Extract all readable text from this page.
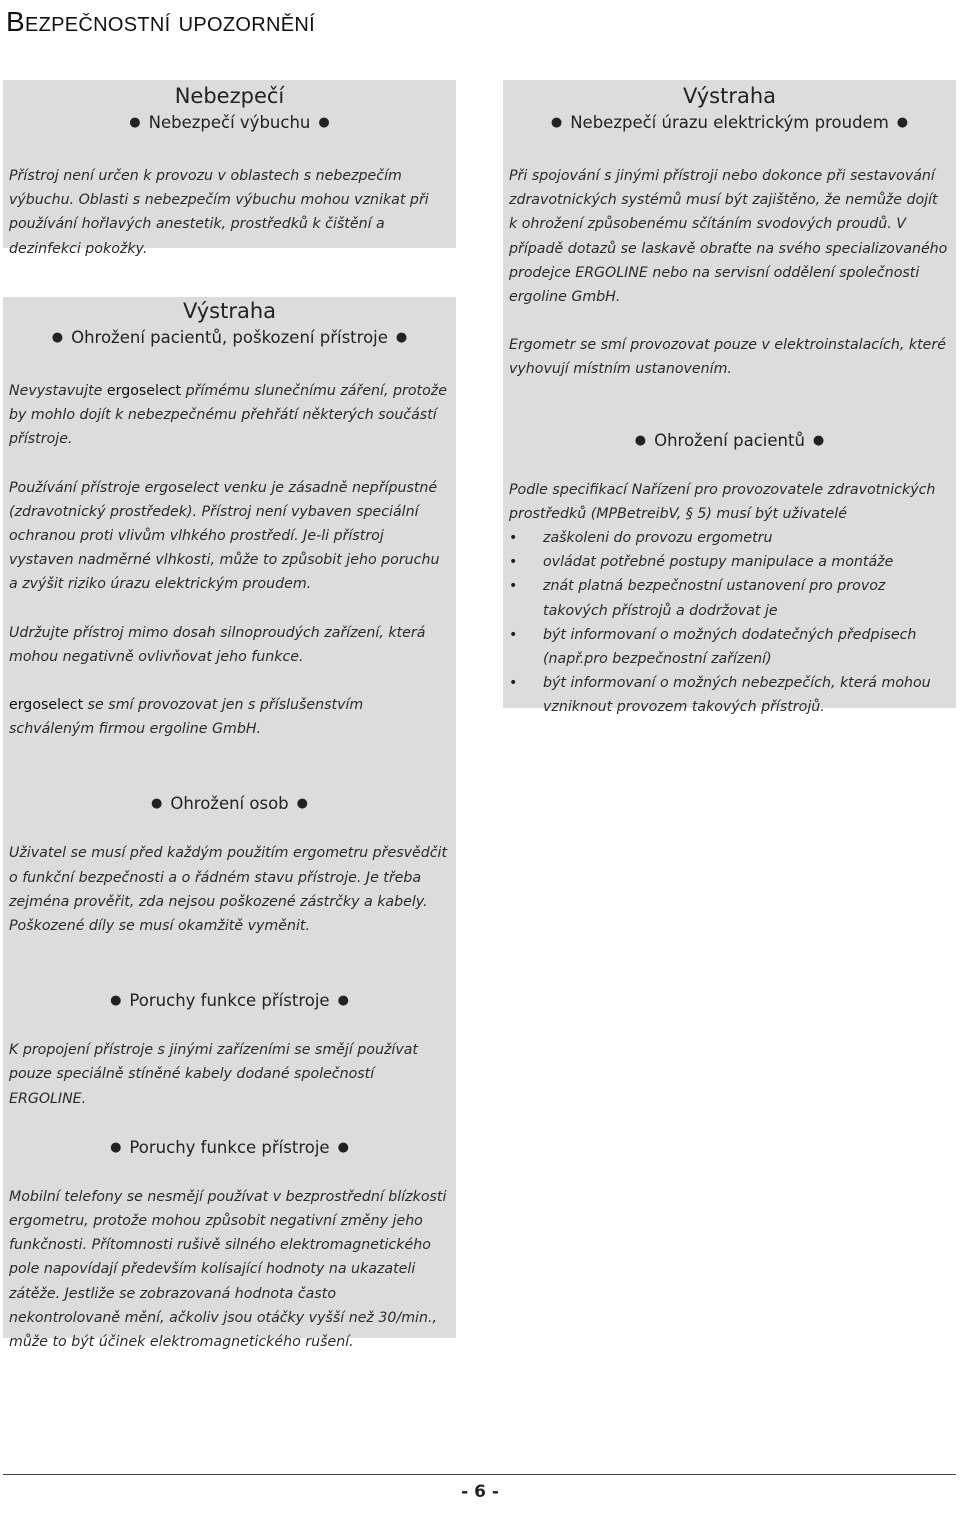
Bezpečnostní upozornění
Nebezpečí
● Nebezpečí výbuchu ●
Přístroj není určen k provozu v oblastech s nebezpečím výbuchu. Oblasti s nebezpečím výbuchu mohou vznikat při používání hořlavých anestetik, prostředků k čištění a dezinfekci pokožky.
Výstraha
● Ohrožení pacientů, poškození přístroje ●
Nevystavujte ergoselect přímému slunečnímu záření, protože by mohlo dojít k nebezpečnému přehřátí některých součástí přístroje.
Používání přístroje ergoselect venku je zásadně nepřípustné (zdravotnický prostředek). Přístroj není vybaven speciální ochranou proti vlivům vlhkého prostředí. Je-li přístroj vystaven nadměrné vlhkosti, může to způsobit jeho poruchu a zvýšit riziko úrazu elektrickým proudem.
Udržujte přístroj mimo dosah silnoproudých zařízení, která mohou negativně ovlivňovat jeho funkce.
ergoselect se smí provozovat jen s příslušenstvím schváleným firmou ergoline GmbH.
● Ohrožení osob ●
Uživatel se musí před každým použitím ergometru přesvědčit o funkční bezpečnosti a o řádném stavu přístroje. Je třeba zejména prověřit, zda nejsou poškozené zástrčky a kabely. Poškozené díly se musí okamžitě vyměnit.
● Poruchy funkce přístroje ●
K propojení přístroje s jinými zařízeními se smějí používat pouze speciálně stíněné kabely dodané společností ERGOLINE.
● Poruchy funkce přístroje ●
Mobilní telefony se nesmějí používat v bezprostřední blízkosti ergometru, protože mohou způsobit negativní změny jeho funkčnosti. Přítomnosti rušivě silného elektromagnetického pole napovídají především kolísající hodnoty na ukazateli zátěže. Jestliže se zobrazovaná hodnota často nekontrolovaně mění, ačkoliv jsou otáčky vyšší než 30/min., může to být účinek elektromagnetického rušení.
Výstraha
● Nebezpečí úrazu elektrickým proudem ●
Při spojování s jinými přístroji nebo dokonce při sestavování zdravotnických systémů musí být zajištěno, že nemůže dojít k ohrožení způsobenému sčítáním svodových proudů. V případě dotazů se laskavě obraťte na svého specializovaného prodejce ERGOLINE nebo na servisní oddělení společnosti ergoline GmbH.
Ergometr se smí provozovat pouze v elektroinstalacích, které vyhovují místním ustanovením.
● Ohrožení pacientů ●
Podle specifikací Nařízení pro provozovatele zdravotnických prostředků (MPBetreibV, § 5) musí být uživatelé
• zaškoleni do provozu ergometru
• ovládat potřebné postupy manipulace a montáže
• znát platná bezpečnostní ustanovení pro provoz takových přístrojů a dodržovat je
• být informovaní o možných dodatečných předpisech (např.pro bezpečnostní zařízení)
• být informovaní o možných nebezpečích, která mohou vzniknout provozem takových přístrojů.
- 6 -
